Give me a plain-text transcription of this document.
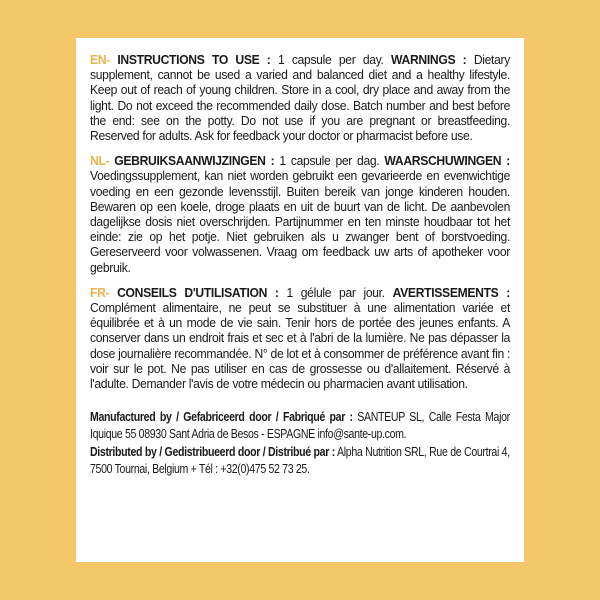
EN- INSTRUCTIONS TO USE : 1 capsule per day. WARNINGS : Dietary supplement, cannot be used a varied and balanced diet and a healthy lifestyle. Keep out of reach of young children. Store in a cool, dry place and away from the light. Do not exceed the recommended daily dose. Batch number and best before the end: see on the potty. Do not use if you are pregnant or breastfeeding. Reserved for adults. Ask for feedback your doctor or pharmacist before use.

NL- GEBRUIKSAANWIJZINGEN : 1 capsule per dag. WAARSCHUWINGEN : Voedingssupplement, kan niet worden gebruikt een gevarieerde en evenwichtige voeding en een gezonde levensstijl. Buiten bereik van jonge kinderen houden. Bewaren op een koele, droge plaats en uit de buurt van de licht. De aanbevolen dagelijkse dosis niet overschrijden. Partijnummer en ten minste houdbaar tot het einde: zie op het potje. Niet gebruiken als u zwanger bent of borstvoeding. Gereserveerd voor volwassenen. Vraag om feedback uw arts of apotheker voor gebruik.

FR- CONSEILS D'UTILISATION : 1 gélule par jour. AVERTISSEMENTS : Complément alimentaire, ne peut se substituer à une alimentation variée et équilibrée et à un mode de vie sain. Tenir hors de portée des jeunes enfants. A conserver dans un endroit frais et sec et à l'abri de la lumière. Ne pas dépasser la dose journalière recommandée. N° de lot et à consommer de préférence avant fin : voir sur le pot. Ne pas utiliser en cas de grossesse ou d'allaitement. Réservé à l'adulte. Demander l'avis de votre médecin ou pharmacien avant utilisation.

Manufactured by / Gefabriceerd door / Fabriqué par : SANTEUP SL, Calle Festa Major Iquique 55 08930 Sant Adria de Besos - ESPAGNE info@sante-up.com.

Distributed by / Gedistribueerd door / Distribué par : Alpha Nutrition SRL, Rue de Courtrai 4, 7500 Tournai, Belgium + Tél : +32(0)475 52 73 25.
